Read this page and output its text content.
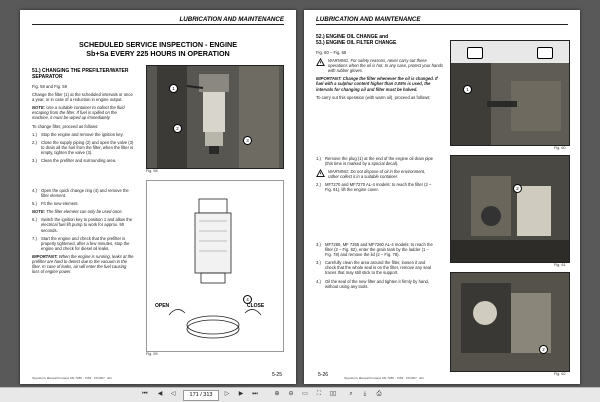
LUBRICATION AND MAINTENANCE
SCHEDULED SERVICE INSPECTION - ENGINE
Sb+Sa EVERY 225 HOURS IN OPERATION
51.) CHANGING THE PREFILTER/WATER SEPARATOR

Fig. 58 and Fig. 59

Change the filter (1) at the scheduled intervals or once a year, or in case of a reduction in engine output.

NOTE: Use a suitable container to collect the fluid escaping from the filter. If fuel is spilled on the machine, it must be wiped up immediately.

To change filter, proceed as follows:

1.) Stop the engine and remove the ignition key.
2.) Close the supply piping (2) and open the valve (3) to drain all the fuel from the filter, when the filter is empty, tighten the valve (3).
3.) Clean the prefilter and surrounding area.
4.) Open the quick change ring (4) and remove the filter element.
5.) Fit the new element.

NOTE: The filter element can only be used once.

6.) Switch the ignition key to position 1 and allow the electrical fuel lift pump to work for approx. 90 seconds.
7.) Start the engine and check that the prefilter is properly tightened, after a few minutes, stop the engine and check for diesel oil leaks.

IMPORTANT: When the engine is running, leaks at the prefilter are hard to detect due to the vacuum in the filter. In case of leaks, air will enter the fuel causing loss of engine power.

1
2
3
Fig. 58
4
OPEN	CLOSE
Fig. 59
5-25
Operator's Manual Frontaux MF 7280 · 7265 · 07/2007 · EN
LUBRICATION AND MAINTENANCE
52.) ENGINE OIL CHANGE and
53.) ENGINE OIL FILTER CHANGE

Fig. 60 – Fig. 65

WARNING: For safety reasons, never carry out these operations when the oil is hot. In any case, protect your hands with rubber gloves.

IMPORTANT: Change the filter whenever the oil is changed. If fuel with a sulphur content higher than 0.05% is used, the intervals for changing oil and filter must be halved.

To carry out this operation (with warm oil), proceed as follows:

1.) Remove the plug (1) at the end of the engine oil drain pipe (this time is marked by a special decal).
WARNING: Do not dispose of oil in the environment, rather collect it in a suitable container.
2.) MF7270 and MF7270 AL-4 models: to reach the filter (2 – Fig. 61), lift the engine cover.
3.) MF7260, MF 7265 and MF7260 AL-4 models: to reach the filter (2 – Fig. 62), enter the grain tank by the ladder (1 – Fig. 78) and remove the lid (2 – Fig. 78).
3.) Carefully clean the area around the filter, loosen it and check that the whole seal is on the filter, remove any seal traces that may still stick to the support.
4.) Oil the seal of the new filter and tighten it firmly by hand, without using any tools.
1
Fig. 60
2
Fig. 61
2
Fig. 62
5-26	Operator's Manual Frontaux MF 7280 · 7265 · 07/2007 · EN
⏮	◀	◁	171 / 313	▷	▶	⏭	⊕	⊖	▭	⛶	▯▯	⌕	⤓	⎙
